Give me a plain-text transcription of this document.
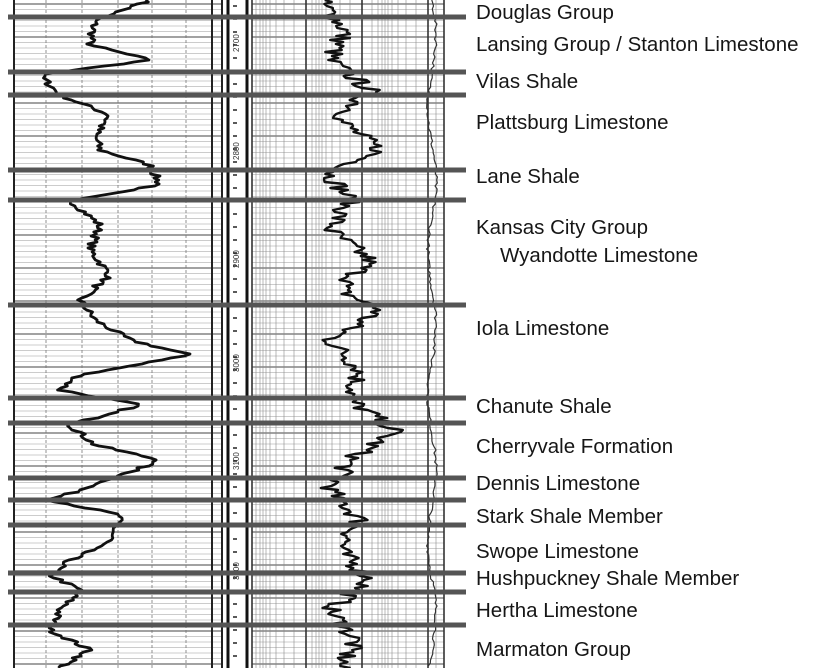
2700
2800
2900
3000
3100
Douglas Group
Lansing Group / Stanton Limestone
Vilas Shale
Plattsburg Limestone
Lane Shale
Kansas City Group
Wyandotte Limestone
Iola Limestone
Chanute Shale
Cherryvale Formation
Dennis Limestone
Stark Shale Member
Swope Limestone
Hushpuckney Shale Member
Hertha Limestone
Marmaton Group
